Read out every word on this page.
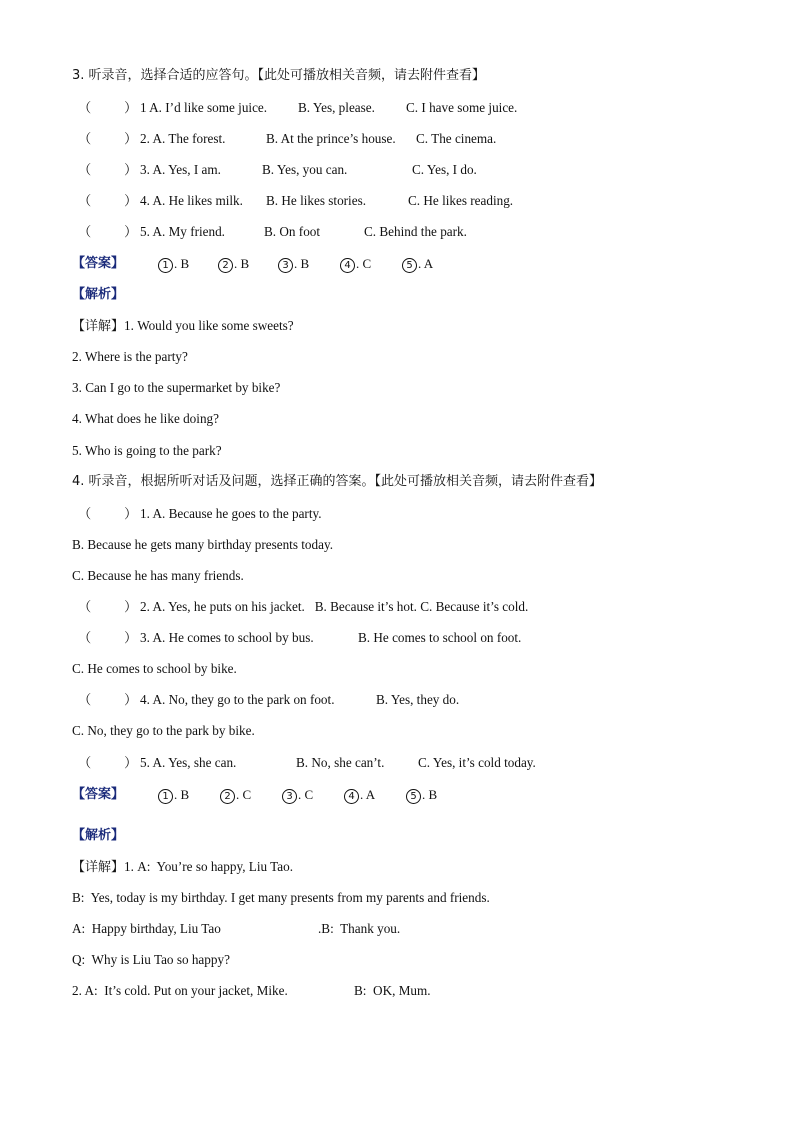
3. 听录音，选择合适的应答句。【此处可播放相关音频，请去附件查看】

（          ）

1 A. I’d like some juice.

B. Yes, please.

C. I have some juice.

（          ）

2. A. The forest.

	B. At the prince’s house.

C. The cinema.

（          ）

3. A. Yes, I am.

	B. Yes, you can.

	C. Yes, I do.

（          ）

4. A. He likes milk.

B. He likes stories.

	C. He likes reading.

（          ）

5. A. My friend.

	B. On foot

	C. Behind the park.

【答案】

	1 . B

	2 . B

	3 . B

	4 . C

	5 . A

【解析】
【详解】1. Would you like some sweets?
2. Where is the party?
3. Can I go to the supermarket by bike?
4. What does he like doing?
5. Who is going to the park?
4. 听录音，根据所听对话及问题，选择正确的答案。【此处可播放相关音频，请去附件查看】

（          ）

1. A. Because he goes to the party.

B. Because he gets many birthday presents today.
C. Because he has many friends.

（          ）

2. A. Yes, he puts on his jacket.   B. Because it’s hot. C. Because it’s cold.

（          ）

3. A. He comes to school by bus.

	B. He comes to school on foot.

C. He comes to school by bike.

（          ）

4. A. No, they go to the park on foot.

	B. Yes, they do.

C. No, they go to the park by bike.

（          ）

5. A. Yes, she can.

	B. No, she can’t.

	C. Yes, it’s cold today.

【答案】

	1 . B

	2 . C

	3 . C

	4 . A

	5 . B

【解析】
【详解】1. A:  You’re so happy, Liu Tao.
B:  Yes, today is my birthday. I get many presents from my parents and friends.

A:  Happy birthday, Liu Tao

	.B:  Thank you.

Q:  Why is Liu Tao so happy?

2. A:  It’s cold. Put on your jacket, Mike.

	B:  OK, Mum.
